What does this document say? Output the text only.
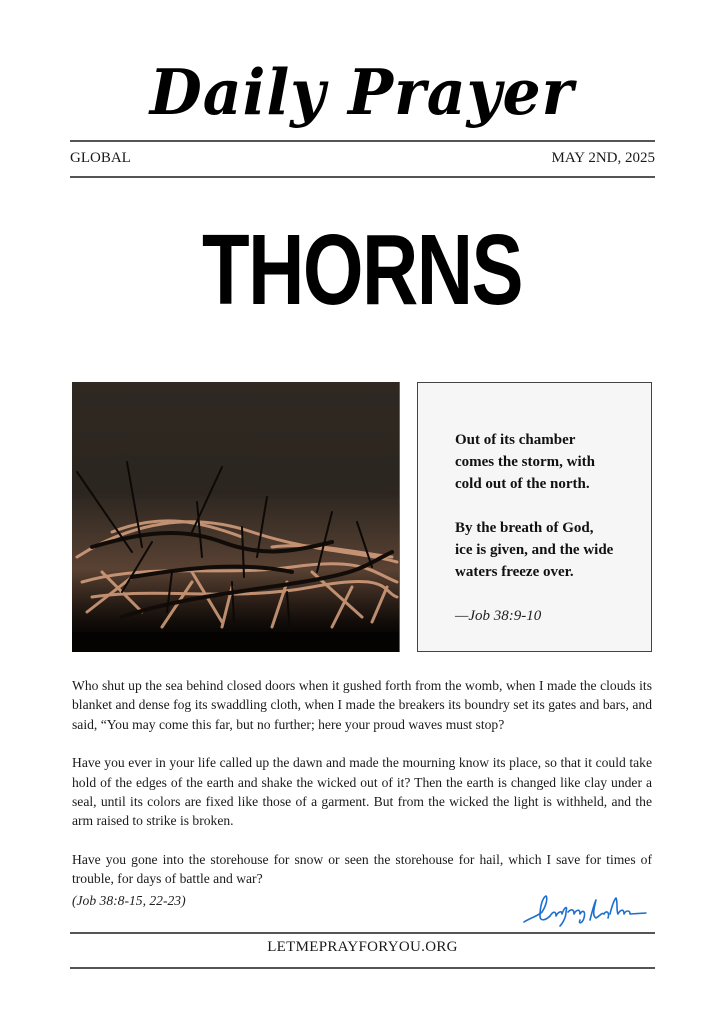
Daily Prayer
GLOBAL	MAY 2ND, 2025
THORNS
Out of its chamber
comes the storm, with
cold out of the north.
By the breath of God,
ice is given, and the wide
waters freeze over.
—Job 38:9-10

Who shut up the sea behind closed doors when it gushed forth from the womb, when I made the clouds its blanket and dense fog its swaddling cloth, when I made the breakers its boundry set its gates and bars, and said, “You may come this far, but no further; here your proud waves must stop?

Have you ever in your life called up the dawn and made the mourning know its place, so that it could take hold of the edges of the earth and shake the wicked out of it? Then the earth is changed like clay under a seal, until its colors are fixed like those of a garment. But from the wicked the light is withheld, and the arm raised to strike is broken.

Have you gone into the storehouse for snow or seen the storehouse for hail, which I save for times of trouble, for days of battle and war?

(Job 38:8-15, 22-23)
LETMEPRAYFORYOU.ORG
